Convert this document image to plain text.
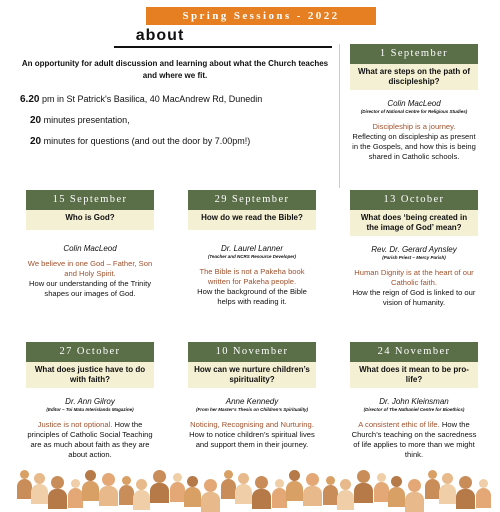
Spring Sessions - 2022
about
An opportunity for adult discussion and learning about what the Church teaches and where we fit.
6.20 pm in St Patrick's Basilica, 40 MacAndrew Rd, Dunedin
20 minutes presentation,
20 minutes for questions (and out the door by 7.00pm!)
1 September
What are steps on the path of discipleship?
Colin MacLeod
(Director of National Centre for Religious Studies)
Discipleship is a journey.
Reflecting on discipleship as present in the Gospels, and how this is being shared in Catholic schools.
15 September
Who is God?
Colin MacLeod
We believe in one God – Father, Son and Holy Spirit.
How our understanding of the Trinity shapes our images of God.
29 September
How do we read the Bible?
Dr. Laurel Lanner
(Teacher and NCRS Resource Developer)
The Bible is not a Pakeha book written for Pakeha people.
How the background of the Bible helps with reading it.
13 October
What does ‘being created in the image of God’ mean?
Rev. Dr. Gerard Aynsley
(Parish Priest – Mercy Parish)
Human Dignity is at the heart of our Catholic faith.
How the reign of God is linked to our vision of humanity.
27 October
What does justice have to do with faith?
Dr. Ann Gilroy
(Editor – Toi Matu Interislands Magazine)
Justice is not optional. How the principles of Catholic Social Teaching are as much about faith as they are about action.
10 November
How can we nurture children’s spirituality?
Anne Kennedy
(From her Master’s Thesis on Children’s Spirituality)
Noticing, Recognising and Nurturing. How to notice children’s spiritual lives and support them in their journey.
24 November
What does it mean to be pro-life?
Dr. John Kleinsman
(Director of The Nathaniel Centre for Bioethics)
A consistent ethic of life. How the Church’s teaching on the sacredness of life applies to more than we might think.
